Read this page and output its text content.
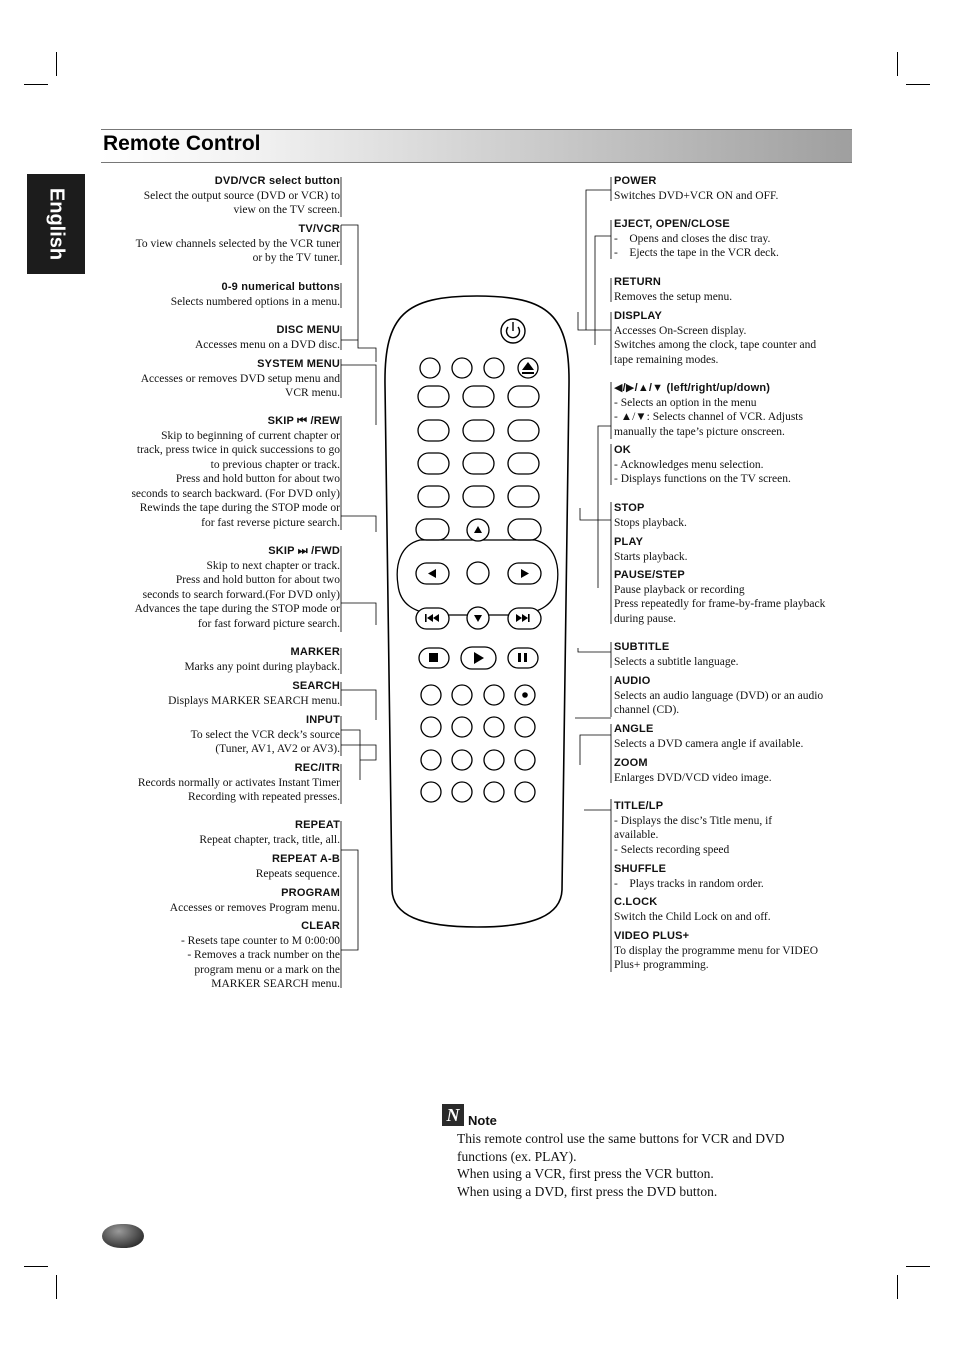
Remote Control
English
DVD/VCR select button
Select the output source (DVD or VCR) to
view on the TV screen.
TV/VCR
To view channels selected by the VCR tuner
or by the TV tuner.
0-9 numerical buttons
Selects numbered options in a menu.
DISC MENU
Accesses menu on a DVD disc.
SYSTEM MENU
Accesses or removes DVD setup menu and
VCR menu.
SKIP ⏮ /REW
Skip to beginning of current chapter or
track, press twice in quick successions to go
to previous chapter or track.
Press and hold button for about two
seconds to search backward. (For DVD only)
Rewinds the tape during the STOP mode or
for fast reverse picture search.
SKIP ⏭ /FWD
Skip to next chapter or track.
Press and hold button for about two
seconds to search forward.(For DVD only)
Advances the tape during the STOP mode or
for fast forward picture search.
MARKER
Marks any point during playback.
SEARCH
Displays MARKER SEARCH menu.
INPUT
To select the VCR deck’s source
(Tuner, AV1, AV2 or AV3).
REC/ITR
Records normally or activates Instant Timer
Recording with repeated presses.
REPEAT
Repeat chapter, track, title, all.
REPEAT A-B
Repeats sequence.
PROGRAM
Accesses or removes Program menu.
CLEAR
- Resets tape counter to M 0:00:00
- Removes a track number on the
program menu or a mark on the
MARKER SEARCH menu.
POWER
Switches DVD+VCR ON and OFF.
EJECT, OPEN/CLOSE
-    Opens and closes the disc tray.
-    Ejects the tape in the VCR deck.
RETURN
Removes the setup menu.
DISPLAY
Accesses On-Screen display.
Switches among the clock, tape counter and
tape remaining modes.
◀/▶/▲/▼ (left/right/up/down)
- Selects an option in the menu
- ▲/▼: Selects channel of VCR. Adjusts
manually the tape’s picture onscreen.
OK
- Acknowledges menu selection.
- Displays functions on the TV screen.
STOP
Stops playback.
PLAY
Starts playback.
PAUSE/STEP
Pause playback or recording
Press repeatedly for frame-by-frame playback
during pause.
SUBTITLE
Selects a subtitle language.
AUDIO
Selects an audio language (DVD) or an audio
channel (CD).
ANGLE
Selects a DVD camera angle if available.
ZOOM
Enlarges DVD/VCD video image.
TITLE/LP
- Displays the disc’s Title menu, if
available.
- Selects recording speed
SHUFFLE
-    Plays tracks in random order.
C.LOCK
Switch the Child Lock on and off.
VIDEO PLUS+
To display the programme menu for VIDEO
Plus+ programming.
N Note
This remote control use the same buttons for VCR and DVD
functions (ex. PLAY).
When using a VCR, first press the VCR button.
When using a DVD, first press the DVD button.
